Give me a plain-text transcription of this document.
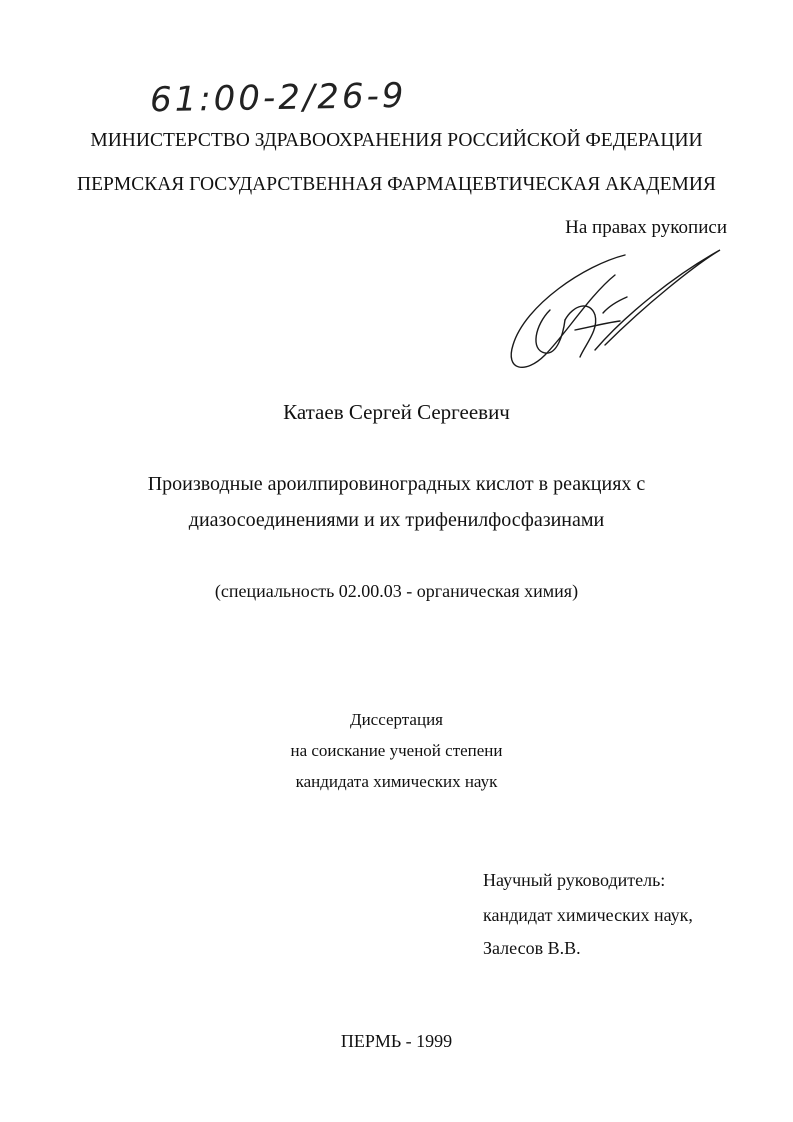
61:00-2/26-9
МИНИСТЕРСТВО ЗДРАВООХРАНЕНИЯ РОССИЙСКОЙ ФЕДЕРАЦИИ
ПЕРМСКАЯ ГОСУДАРСТВЕННАЯ ФАРМАЦЕВТИЧЕСКАЯ АКАДЕМИЯ
На правах рукописи
Катаев Сергей Сергеевич
Производные ароилпировиноградных кислот в реакциях с
диазосоединениями и их трифенилфосфазинами
(специальность 02.00.03 - органическая химия)
Диссертация
на соискание ученой степени
кандидата химических наук
Научный руководитель:
кандидат химических наук,
Залесов В.В.
ПЕРМЬ - 1999
